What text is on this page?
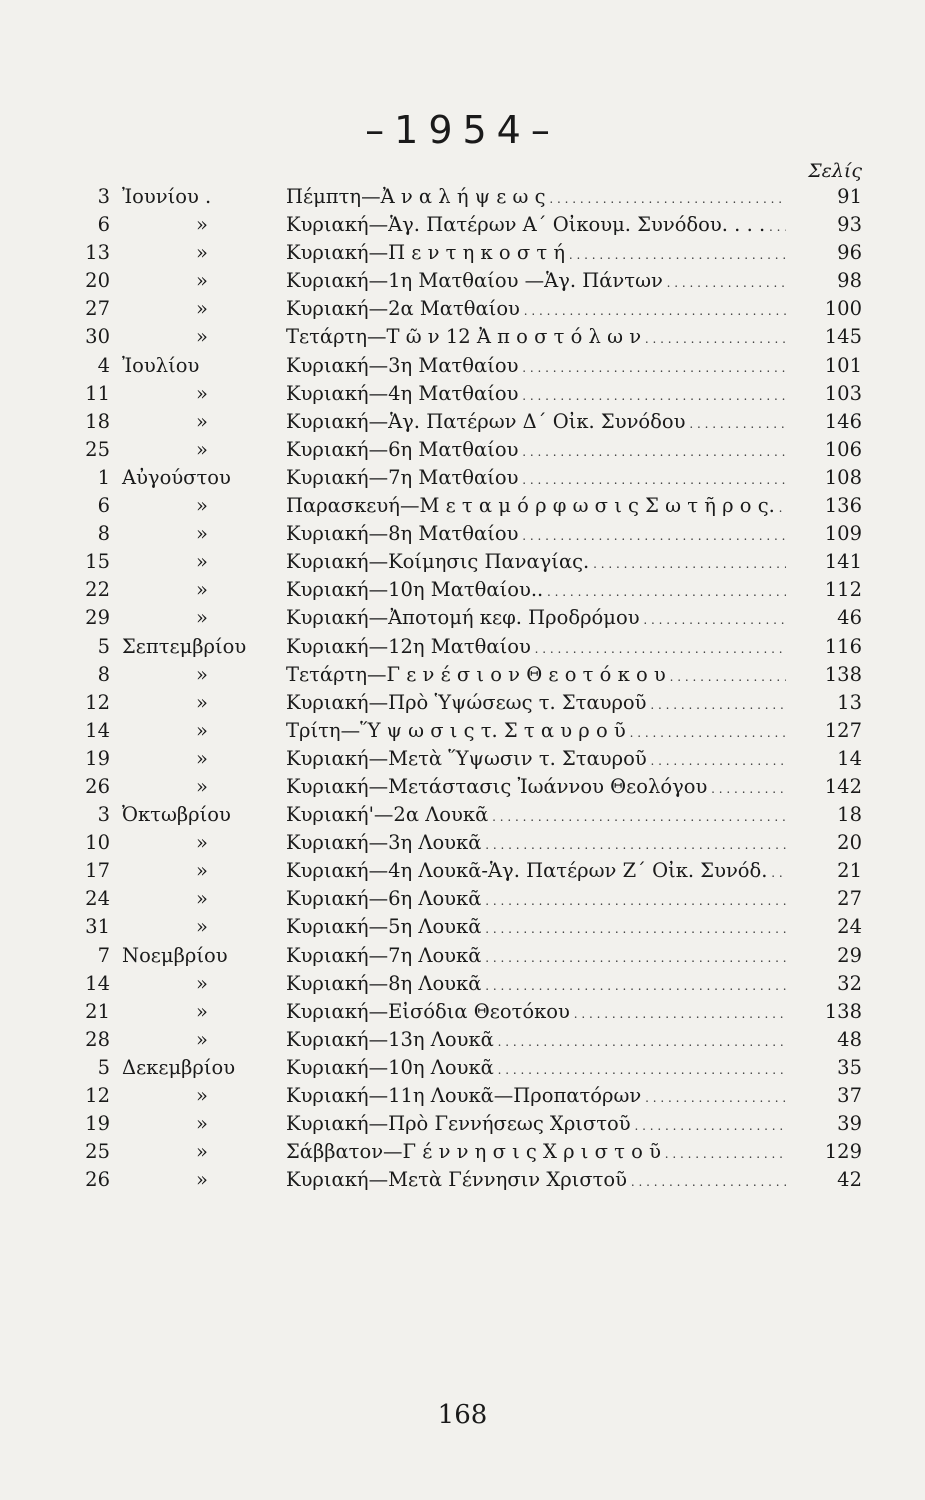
–1954–
Σελίς
3 Ἰουνίου .	Πέμπτη—Ἀ ν α λ ή ψ ε ω ς . . .	91
6	»	Κυριακή—Ἁγ. Πατέρων Α΄ Οἰκουμ. Συνόδου. . . . . . .	93
13	»	Κυριακή—Π ε ν τ η κ ο σ τ ή . . .	96
20	»	Κυριακή—1η Ματθαίου —Ἁγ. Πάντων . . .	98
27	»	Κυριακή—2α Ματθαίου . . .	100
30	»	Τετάρτη—Τ ῶ ν 12 Ἀ π ο σ τ ό λ ω ν . . .	145
4 Ἰουλίου	Κυριακή—3η Ματθαίου . . .	101
11	»	Κυριακή—4η Ματθαίου . . .	103
18	»	Κυριακή—Ἁγ. Πατέρων Δ΄ Οἰκ. Συνόδου . . .	146
25	»	Κυριακή—6η Ματθαίου . . .	106
1 Αὐγούστου	Κυριακή—7η Ματθαίου . . .	108
6	»	Παρασκευή—Μ ε τ α μ ό ρ φ ω σ ι ς Σ ω τ ῆ ρ ο ς. . . .	136
8	»	Κυριακή—8η Ματθαίου . . .	109
15	»	Κυριακή—Κοίμησις Παναγίας. . . .	141
22	»	Κυριακή—10η Ματθαίου.. . . .	112
29	»	Κυριακή—Ἀποτομή κεφ. Προδρόμου . . .	46
5 Σεπτεμβρίου	Κυριακή—12η Ματθαίου . . .	116
8	»	Τετάρτη—Γ ε ν έ σ ι ο ν Θ ε ο τ ό κ ο υ . . .	138
12	»	Κυριακή—Πρὸ Ὑψώσεως τ. Σταυροῦ . . .	13
14	»	Τρίτη—Ὕ ψ ω σ ι ς τ. Σ τ α υ ρ ο ῦ . . .	127
19	»	Κυριακή—Μετὰ Ὕψωσιν τ. Σταυροῦ . . .	14
26	»	Κυριακή—Μετάστασις Ἰωάννου Θεολόγου . . .	142
3 Ὀκτωβρίου	Κυριακή'—2α Λουκᾶ . . .	18
10	»	Κυριακή—3η Λουκᾶ . . .	20
17	»	Κυριακή—4η Λουκᾶ-Ἁγ. Πατέρων Ζ΄ Οἰκ. Συνόδ. . . .	21
24	»	Κυριακή—6η Λουκᾶ . . .	27
31	»	Κυριακή—5η Λουκᾶ . . .	24
7 Νοεμβρίου	Κυριακή—7η Λουκᾶ . . .	29
14	»	Κυριακή—8η Λουκᾶ . . .	32
21	»	Κυριακή—Εἰσόδια Θεοτόκου . . .	138
28	»	Κυριακή—13η Λουκᾶ . . .	48
5 Δεκεμβρίου	Κυριακή—10η Λουκᾶ . . .	35
12	»	Κυριακή—11η Λουκᾶ—Προπατόρων . . .	37
19	»	Κυριακή—Πρὸ Γεννήσεως Χριστοῦ . . .	39
25	»	Σάββατον—Γ έ ν ν η σ ι ς Χ ρ ι σ τ ο ῦ . . .	129
26	»	Κυριακή—Μετὰ Γέννησιν Χριστοῦ . . .	42
168
